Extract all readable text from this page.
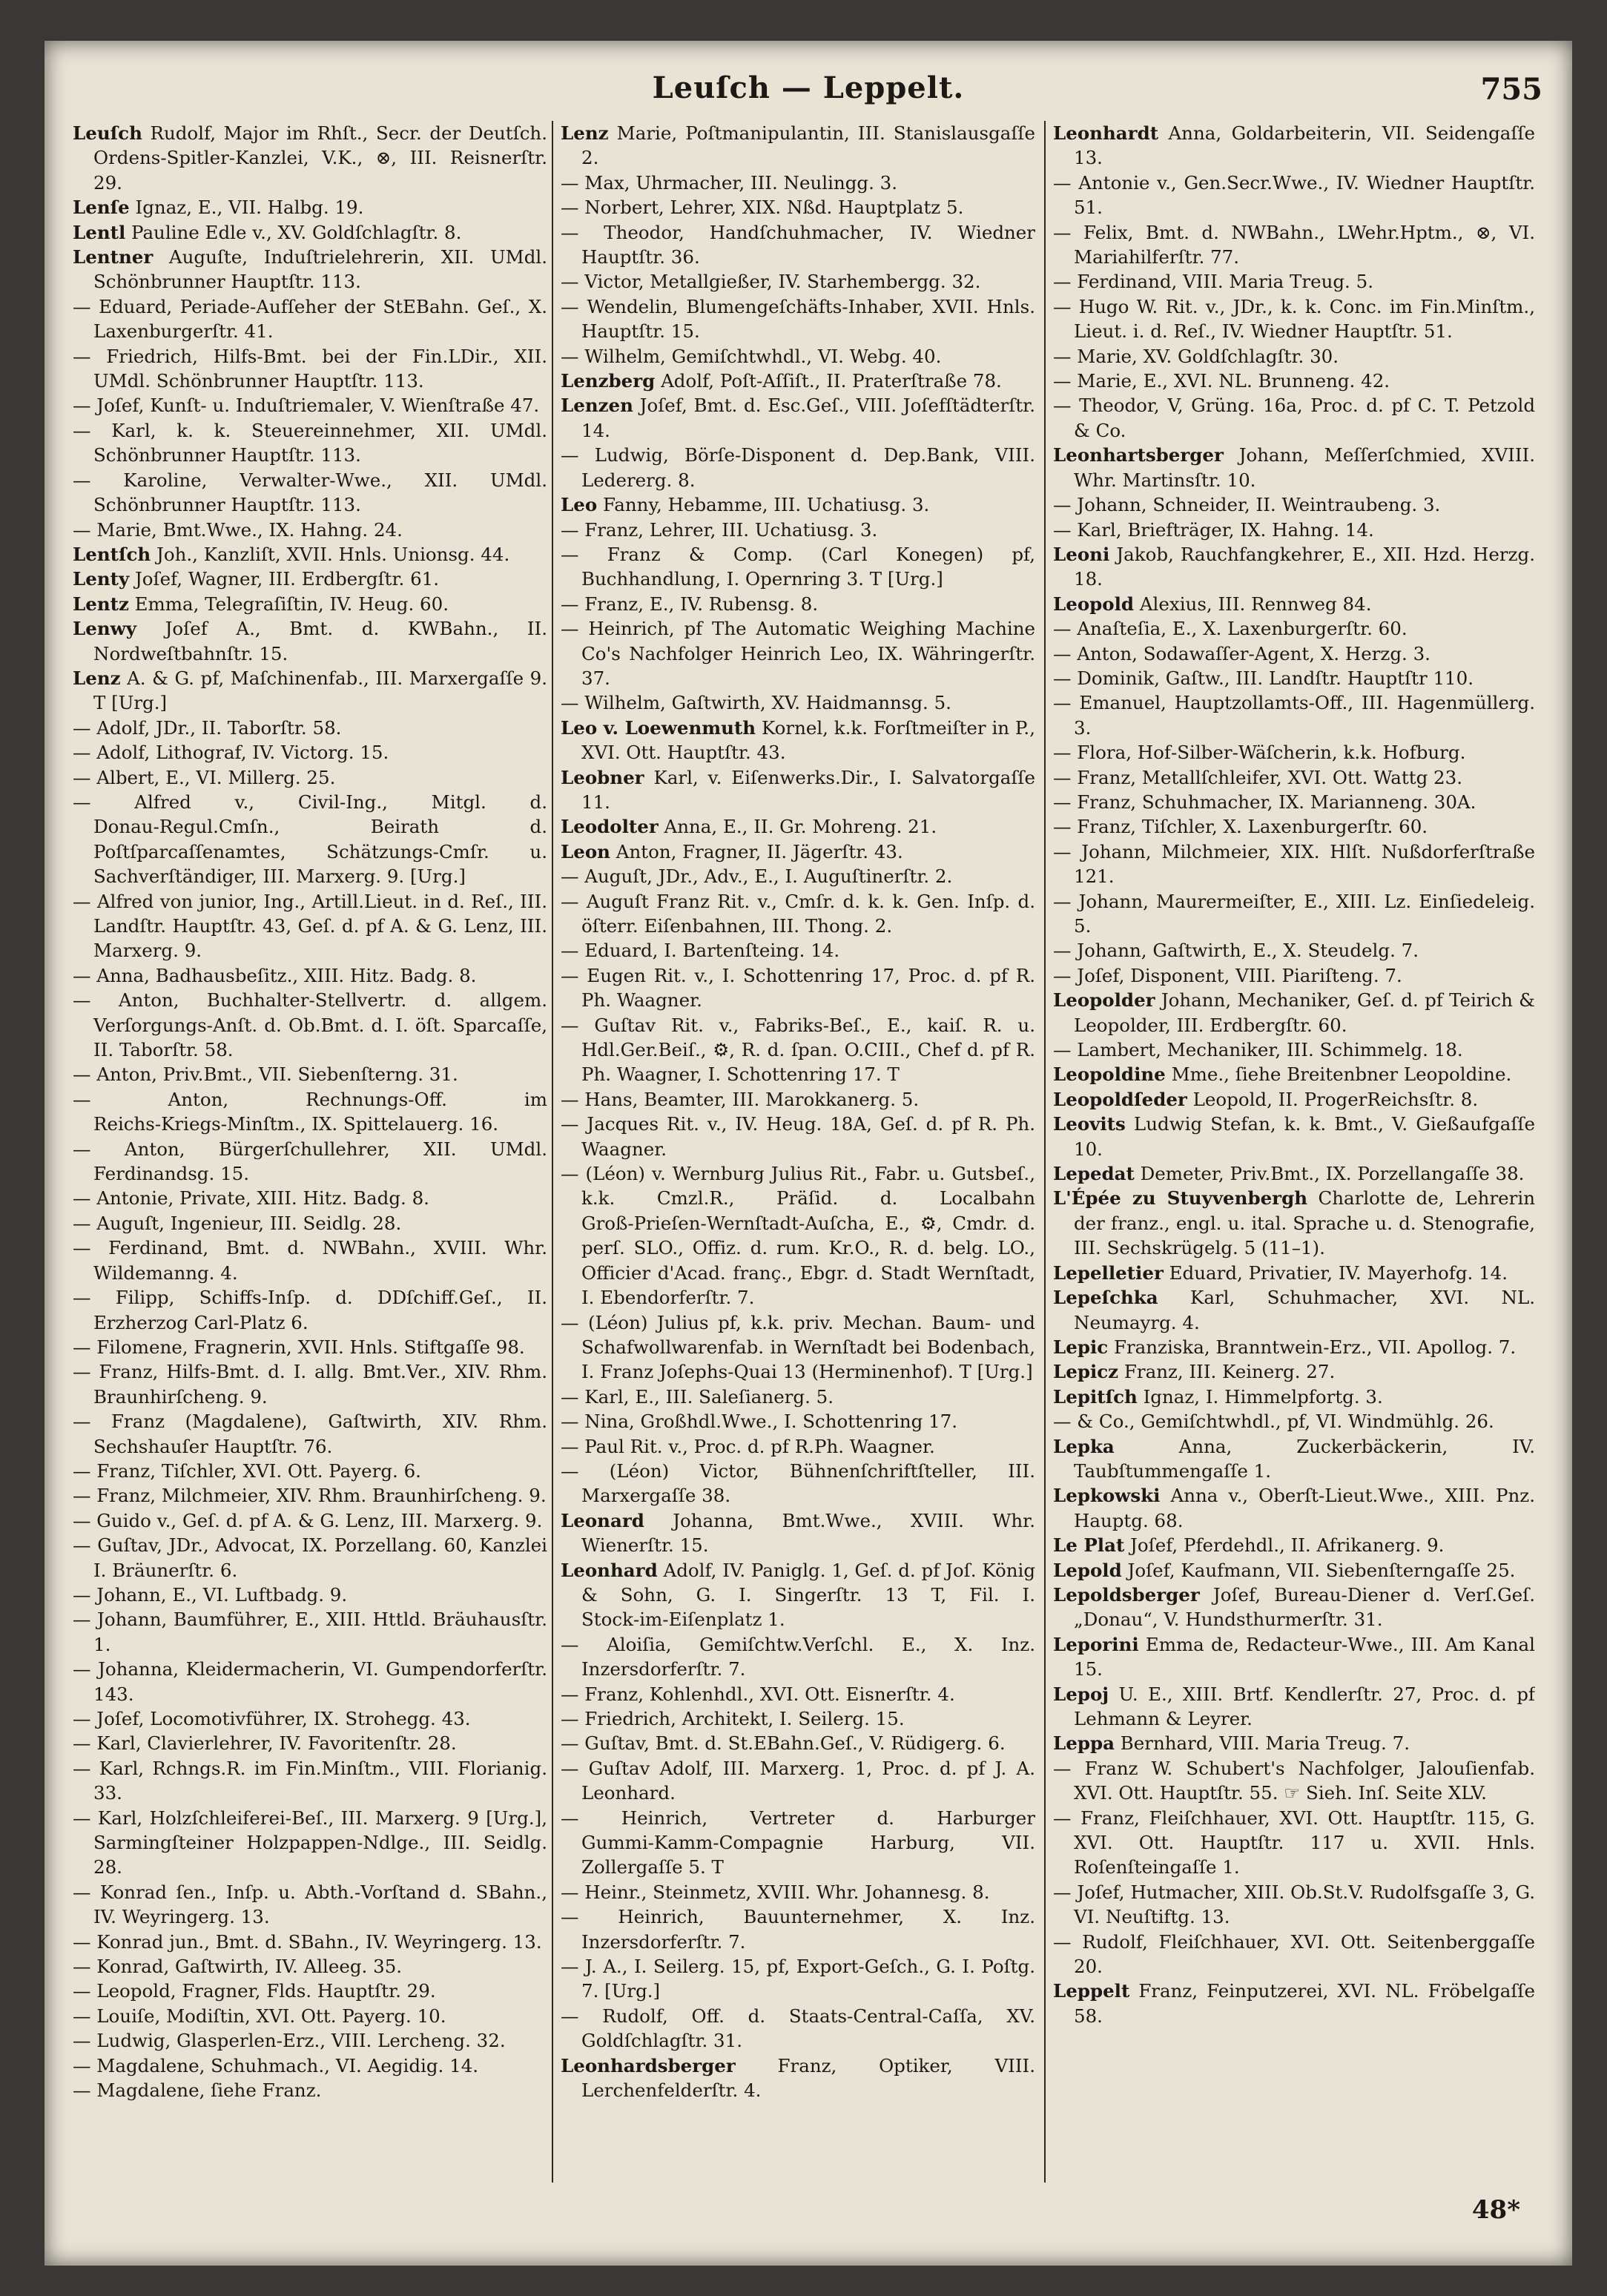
Leuſch — Leppelt.	755
Leuſch Rudolf, Major im Rhſt., Secr. der Deutſch. Ordens‑Spitler‑Kanzlei, V.K., ⊗, III. Reisnerſtr. 29.
Lenſe Ignaz, E., VII. Halbg. 19.
Lentl Pauline Edle v., XV. Goldſchlagſtr. 8.
Lentner Auguſte, Induſtrielehrerin, XII. UMdl. Schönbrunner Hauptſtr. 113.
— Eduard, Periade‑Aufſeher der StEBahn. Geſ., X. Laxenburgerſtr. 41.
— Friedrich, Hilfs‑Bmt. bei der Fin.LDir., XII. UMdl. Schönbrunner Hauptſtr. 113.
— Joſef, Kunſt‑ u. Induſtriemaler, V. Wienſtraße 47.
— Karl, k. k. Steuereinnehmer, XII. UMdl. Schönbrunner Hauptſtr. 113.
— Karoline, Verwalter‑Wwe., XII. UMdl. Schönbrunner Hauptſtr. 113.
— Marie, Bmt.Wwe., IX. Hahng. 24.
Lentſch Joh., Kanzliſt, XVII. Hnls. Unionsg. 44.
Lenty Joſef, Wagner, III. Erdbergſtr. 61.
Lentz Emma, Telegraſiſtin, IV. Heug. 60.
Lenwy Joſef A., Bmt. d. KWBahn., II. Nordweſtbahnſtr. 15.
Lenz A. & G. pf, Maſchinenfab., III. Marxergaſſe 9. T [Urg.]
— Adolf, JDr., II. Taborſtr. 58.
— Adolf, Lithograf, IV. Victorg. 15.
— Albert, E., VI. Millerg. 25.
— Alfred v., Civil‑Ing., Mitgl. d. Donau‑Regul.Cmſn., Beirath d. Poſtſparcaſſenamtes, Schätzungs‑Cmſr. u. Sachverſtändiger, III. Marxerg. 9. [Urg.]
— Alfred von junior, Ing., Artill.Lieut. in d. Reſ., III. Landſtr. Hauptſtr. 43, Geſ. d. pf A. & G. Lenz, III. Marxerg. 9.
— Anna, Badhausbeſitz., XIII. Hitz. Badg. 8.
— Anton, Buchhalter‑Stellvertr. d. allgem. Verſorgungs‑Anſt. d. Ob.Bmt. d. I. öſt. Sparcaſſe, II. Taborſtr. 58.
— Anton, Priv.Bmt., VII. Siebenſterng. 31.
— Anton, Rechnungs‑Off. im Reichs‑Kriegs‑Minſtm., IX. Spittelauerg. 16.
— Anton, Bürgerſchullehrer, XII. UMdl. Ferdinandsg. 15.
— Antonie, Private, XIII. Hitz. Badg. 8.
— Auguſt, Ingenieur, III. Seidlg. 28.
— Ferdinand, Bmt. d. NWBahn., XVIII. Whr. Wildemanng. 4.
— Filipp, Schiffs‑Inſp. d. DDſchiff.Geſ., II. Erzherzog Carl‑Platz 6.
— Filomene, Fragnerin, XVII. Hnls. Stiftgaſſe 98.
— Franz, Hilfs‑Bmt. d. I. allg. Bmt.Ver., XIV. Rhm. Braunhirſcheng. 9.
— Franz (Magdalene), Gaſtwirth, XIV. Rhm. Sechshauſer Hauptſtr. 76.
— Franz, Tiſchler, XVI. Ott. Payerg. 6.
— Franz, Milchmeier, XIV. Rhm. Braunhirſcheng. 9.
— Guido v., Geſ. d. pf A. & G. Lenz, III. Marxerg. 9.
— Guſtav, JDr., Advocat, IX. Porzellang. 60, Kanzlei I. Bräunerſtr. 6.
— Johann, E., VI. Luftbadg. 9.
— Johann, Baumführer, E., XIII. Httld. Bräuhausſtr. 1.
— Johanna, Kleidermacherin, VI. Gumpendorferſtr. 143.
— Joſef, Locomotivführer, IX. Strohegg. 43.
— Karl, Clavierlehrer, IV. Favoritenſtr. 28.
— Karl, Rchngs.R. im Fin.Minſtm., VIII. Florianig. 33.
— Karl, Holzſchleiferei‑Beſ., III. Marxerg. 9 [Urg.], Sarmingſteiner Holzpappen‑Ndlge., III. Seidlg. 28.
— Konrad ſen., Inſp. u. Abth.‑Vorſtand d. SBahn., IV. Weyringerg. 13.
— Konrad jun., Bmt. d. SBahn., IV. Weyringerg. 13.
— Konrad, Gaſtwirth, IV. Alleeg. 35.
— Leopold, Fragner, Flds. Hauptſtr. 29.
— Louiſe, Modiſtin, XVI. Ott. Payerg. 10.
— Ludwig, Glasperlen‑Erz., VIII. Lercheng. 32.
— Magdalene, Schuhmach., VI. Aegidig. 14.
— Magdalene, ſiehe Franz.
Lenz Marie, Poſtmanipulantin, III. Stanislausgaſſe 2.
— Max, Uhrmacher, III. Neulingg. 3.
— Norbert, Lehrer, XIX. Nßd. Hauptplatz 5.
— Theodor, Handſchuhmacher, IV. Wiedner Hauptſtr. 36.
— Victor, Metallgießer, IV. Starhembergg. 32.
— Wendelin, Blumengeſchäfts‑Inhaber, XVII. Hnls. Hauptſtr. 15.
— Wilhelm, Gemiſchtwhdl., VI. Webg. 40.
Lenzberg Adolf, Poſt‑Aſſiſt., II. Praterſtraße 78.
Lenzen Joſef, Bmt. d. Esc.Geſ., VIII. Joſefſtädterſtr. 14.
— Ludwig, Börſe‑Disponent d. Dep.Bank, VIII. Ledererg. 8.
Leo Fanny, Hebamme, III. Uchatiusg. 3.
— Franz, Lehrer, III. Uchatiusg. 3.
— Franz & Comp. (Carl Konegen) pf, Buchhandlung, I. Opernring 3. T [Urg.]
— Franz, E., IV. Rubensg. 8.
— Heinrich, pf The Automatic Weighing Machine Co's Nachfolger Heinrich Leo, IX. Währingerſtr. 37.
— Wilhelm, Gaſtwirth, XV. Haidmannsg. 5.
Leo v. Loewenmuth Kornel, k.k. Forſtmeiſter in P., XVI. Ott. Hauptſtr. 43.
Leobner Karl, v. Eiſenwerks.Dir., I. Salvatorgaſſe 11.
Leodolter Anna, E., II. Gr. Mohreng. 21.
Leon Anton, Fragner, II. Jägerſtr. 43.
— Auguſt, JDr., Adv., E., I. Auguſtinerſtr. 2.
— Auguſt Franz Rit. v., Cmſr. d. k. k. Gen. Inſp. d. öſterr. Eiſenbahnen, III. Thong. 2.
— Eduard, I. Bartenſteing. 14.
— Eugen Rit. v., I. Schottenring 17, Proc. d. pf R. Ph. Waagner.
— Guſtav Rit. v., Fabriks‑Beſ., E., kaiſ. R. u. Hdl.Ger.Beiſ., ⚙, R. d. ſpan. O.CIII., Chef d. pf R. Ph. Waagner, I. Schottenring 17. T
— Hans, Beamter, III. Marokkanerg. 5.
— Jacques Rit. v., IV. Heug. 18A, Geſ. d. pf R. Ph. Waagner.
— (Léon) v. Wernburg Julius Rit., Fabr. u. Gutsbeſ., k.k. Cmzl.R., Präſid. d. Localbahn Groß‑Prieſen‑Wernſtadt‑Auſcha, E., ⚙, Cmdr. d. perſ. SLO., Offiz. d. rum. Kr.O., R. d. belg. LO., Officier d'Acad. franç., Ebgr. d. Stadt Wernſtadt, I. Ebendorferſtr. 7.
— (Léon) Julius pf, k.k. priv. Mechan. Baum‑ und Schafwollwarenfab. in Wernſtadt bei Bodenbach, I. Franz Joſephs‑Quai 13 (Herminenhof). T [Urg.]
— Karl, E., III. Saleſianerg. 5.
— Nina, Großhdl.Wwe., I. Schottenring 17.
— Paul Rit. v., Proc. d. pf R.Ph. Waagner.
— (Léon) Victor, Bühnenſchriftſteller, III. Marxergaſſe 38.
Leonard Johanna, Bmt.Wwe., XVIII. Whr. Wienerſtr. 15.
Leonhard Adolf, IV. Paniglg. 1, Geſ. d. pf Joſ. König & Sohn, G. I. Singerſtr. 13 T, Fil. I. Stock‑im‑Eiſenplatz 1.
— Aloiſia, Gemiſchtw.Verſchl. E., X. Inz. Inzersdorferſtr. 7.
— Franz, Kohlenhdl., XVI. Ott. Eisnerſtr. 4.
— Friedrich, Architekt, I. Seilerg. 15.
— Guſtav, Bmt. d. St.EBahn.Geſ., V. Rüdigerg. 6.
— Guſtav Adolf, III. Marxerg. 1, Proc. d. pf J. A. Leonhard.
— Heinrich, Vertreter d. Harburger Gummi‑Kamm‑Compagnie Harburg, VII. Zollergaſſe 5. T
— Heinr., Steinmetz, XVIII. Whr. Johannesg. 8.
— Heinrich, Bauunternehmer, X. Inz. Inzersdorferſtr. 7.
— J. A., I. Seilerg. 15, pf, Export‑Geſch., G. I. Poſtg. 7. [Urg.]
— Rudolf, Off. d. Staats‑Central‑Caſſa, XV. Goldſchlagſtr. 31.
Leonhardsberger Franz, Optiker, VIII. Lerchenfelderſtr. 4.
Leonhardt Anna, Goldarbeiterin, VII. Seidengaſſe 13.
— Antonie v., Gen.Secr.Wwe., IV. Wiedner Hauptſtr. 51.
— Felix, Bmt. d. NWBahn., LWehr.Hptm., ⊗, VI. Mariahilferſtr. 77.
— Ferdinand, VIII. Maria Treug. 5.
— Hugo W. Rit. v., JDr., k. k. Conc. im Fin.Minſtm., Lieut. i. d. Reſ., IV. Wiedner Hauptſtr. 51.
— Marie, XV. Goldſchlagſtr. 30.
— Marie, E., XVI. NL. Brunneng. 42.
— Theodor, V, Grüng. 16a, Proc. d. pf C. T. Petzold & Co.
Leonhartsberger Johann, Meſſerſchmied, XVIII. Whr. Martinsſtr. 10.
— Johann, Schneider, II. Weintraubeng. 3.
— Karl, Briefträger, IX. Hahng. 14.
Leoni Jakob, Rauchfangkehrer, E., XII. Hzd. Herzg. 18.
Leopold Alexius, III. Rennweg 84.
— Anaſteſia, E., X. Laxenburgerſtr. 60.
— Anton, Sodawaſſer‑Agent, X. Herzg. 3.
— Dominik, Gaſtw., III. Landſtr. Hauptſtr 110.
— Emanuel, Hauptzollamts‑Off., III. Hagenmüllerg. 3.
— Flora, Hof‑Silber‑Wäſcherin, k.k. Hofburg.
— Franz, Metallſchleifer, XVI. Ott. Wattg 23.
— Franz, Schuhmacher, IX. Marianneng. 30A.
— Franz, Tiſchler, X. Laxenburgerſtr. 60.
— Johann, Milchmeier, XIX. Hlſt. Nußdorferſtraße 121.
— Johann, Maurermeiſter, E., XIII. Lz. Einſiedeleig. 5.
— Johann, Gaſtwirth, E., X. Steudelg. 7.
— Joſef, Disponent, VIII. Piariſteng. 7.
Leopolder Johann, Mechaniker, Geſ. d. pf Teirich & Leopolder, III. Erdbergſtr. 60.
— Lambert, Mechaniker, III. Schimmelg. 18.
Leopoldine Mme., ſiehe Breitenbner Leopoldine.
Leopoldſeder Leopold, II. ProgerReichsſtr. 8.
Leovits Ludwig Stefan, k. k. Bmt., V. Gießaufgaſſe 10.
Lepedat Demeter, Priv.Bmt., IX. Porzellangaſſe 38.
L'Épée zu Stuyvenbergh Charlotte de, Lehrerin der franz., engl. u. ital. Sprache u. d. Stenografie, III. Sechskrügelg. 5 (11–1).
Lepelletier Eduard, Privatier, IV. Mayerhofg. 14.
Lepeſchka Karl, Schuhmacher, XVI. NL. Neumayrg. 4.
Lepic Franziska, Branntwein‑Erz., VII. Apollog. 7.
Lepicz Franz, III. Keinerg. 27.
Lepitſch Ignaz, I. Himmelpfortg. 3.
— & Co., Gemiſchtwhdl., pf, VI. Windmühlg. 26.
Lepka Anna, Zuckerbäckerin, IV. Taubſtummengaſſe 1.
Lepkowski Anna v., Oberſt‑Lieut.Wwe., XIII. Pnz. Hauptg. 68.
Le Plat Joſef, Pferdehdl., II. Afrikanerg. 9.
Lepold Joſef, Kaufmann, VII. Siebenſterngaſſe 25.
Lepoldsberger Joſef, Bureau‑Diener d. Verſ.Geſ. „Donau“, V. Hundsthurmerſtr. 31.
Leporini Emma de, Redacteur‑Wwe., III. Am Kanal 15.
Lepoj U. E., XIII. Brtf. Kendlerſtr. 27, Proc. d. pf Lehmann & Leyrer.
Leppa Bernhard, VIII. Maria Treug. 7.
— Franz W. Schubert's Nachfolger, Jalouſienfab. XVI. Ott. Hauptſtr. 55. ☞ Sieh. Inſ. Seite XLV.
— Franz, Fleiſchhauer, XVI. Ott. Hauptſtr. 115, G. XVI. Ott. Hauptſtr. 117 u. XVII. Hnls. Roſenſteingaſſe 1.
— Joſef, Hutmacher, XIII. Ob.St.V. Rudolfsgaſſe 3, G. VI. Neuſtiftg. 13.
— Rudolf, Fleiſchhauer, XVI. Ott. Seitenberggaſſe 20.
Leppelt Franz, Feinputzerei, XVI. NL. Fröbelgaſſe 58.
48*
